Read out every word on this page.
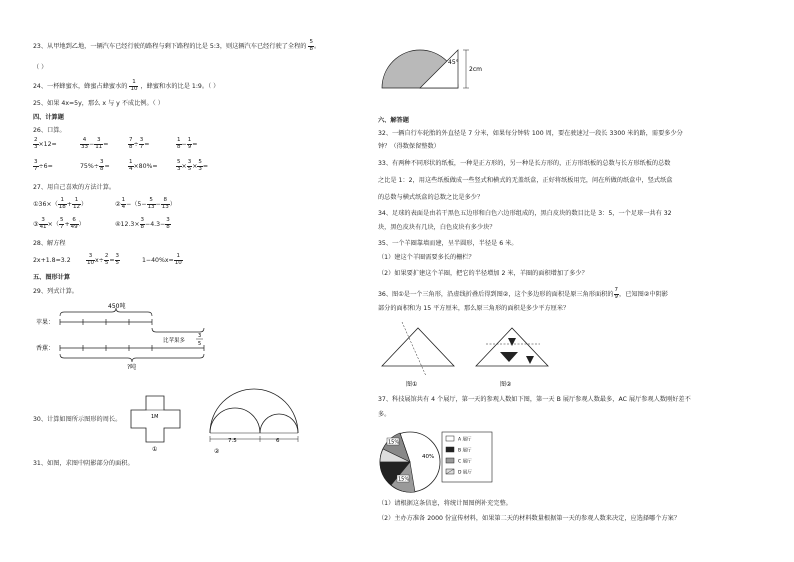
23、从甲地到乙地，一辆汽车已经行驶的路程与剩下路程的比是 5:3，则这辆汽车已经行驶了全程的 $\frac{5}{8}$ 。
（ ）
24、一杯蜂蜜水，蜂蜜占蜂蜜水的 $\frac{1}{10}$ ，蜂蜜和水的比是 1:9。（ ）
25、如果 4x=5y，那么 x 与 y 不成比例。（ ）
四、计算题
26、口算。
$\frac{2}{3} \times 12=$	$\frac{4}{33} - \frac{3}{11}$ =	$\frac{7}{8} \div \frac{3}{7}$ =	$\frac{1}{8} - \frac{1}{9}$ =
$\frac{3}{7} \div 6=$	$75\%\div \frac{3}{8}$ =	$\frac{1}{4} \times 80\%=$	$\frac{5}{3} \times \frac{3}{5} \times \frac{5}{3}$ =
27、用自己喜欢的方法计算。
①36×（ $\frac{1}{18} + \frac{1}{12}$ ）	② $\frac{1}{4} -(5- \frac{5}{13} - \frac{8}{13}$ ）
③ $\frac{3}{41}$ ×（ $\frac{5}{7} + \frac{6}{49}$ ）	④12.3× $\frac{3}{8} -4.3- \frac{3}{8}$
28、解方程
2x+1.8=3.2	$\frac{3}{10} x\div \frac{2}{5} = \frac{3}{5}$	$1-40\%x= \frac{1}{10}$
五、图形计算
29、列式计算。
450吨
苹果：
香蕉：
比苹果多
3
5
?吨
30、计算如图所示图形的周长。	1M
①
7.5	6
②
31、如图，求图中阴影部分的面积。
45°
2cm
六、解答题
32、一辆自行车轮胎的外直径是 7 分米，如果每分钟转 100 周，要在驶速过一段长 3300 米的路，需要多少分
钟？（得数保留整数）
33、有两种不同形状的纸板，一种是正方形的，另一种是长方形的，正方形纸板的总数与长方形纸板的总数
之比是 1：2，用这些纸板做成一些竖式和横式的无盖纸盒，正好将纸板用完，问在所做的纸盒中，竖式纸盒
的总数与横式纸盒的总数之比是多少？
34、足球的表面是由若干黑色五边形和白色六边形组成的，黑白皮块的数目比是 3：5，一个足球一共有 32
块，黑色皮块有几块，白色皮块有多少块？
35、一个羊圈靠墙而建，呈半圆形，半径是 6 米。
（1）建这个羊圈需要多长的栅栏？
（2）如果要扩建这个羊圈，把它的半径增加 2 米，羊圈的面积增加了多少？
36、图①是一个三角形，沿虚线折叠后得到图②，这个多边形的面积是原三角形面积的 $\frac{7}{9}$ ，已知图②中阴影
部分的面积和为 15 平方厘米，那么原三角形的面积是多少平方厘米？
图①	图②
37、科技展馆共有 4 个展厅，第一天的参观人数如下图，第一天 B 展厅参观人数最多，AC 展厅参观人数刚好差不
多。
15%
40%
15%
A 展厅
B 展厅
C 展厅
D 展厅
（1）请根据这条信息，将统计图图例补充完整。
（2）主办方准备 2000 份宣传材料，如果第二天的材料数量根据第一天的参观人数来决定，应选择哪个方案？
